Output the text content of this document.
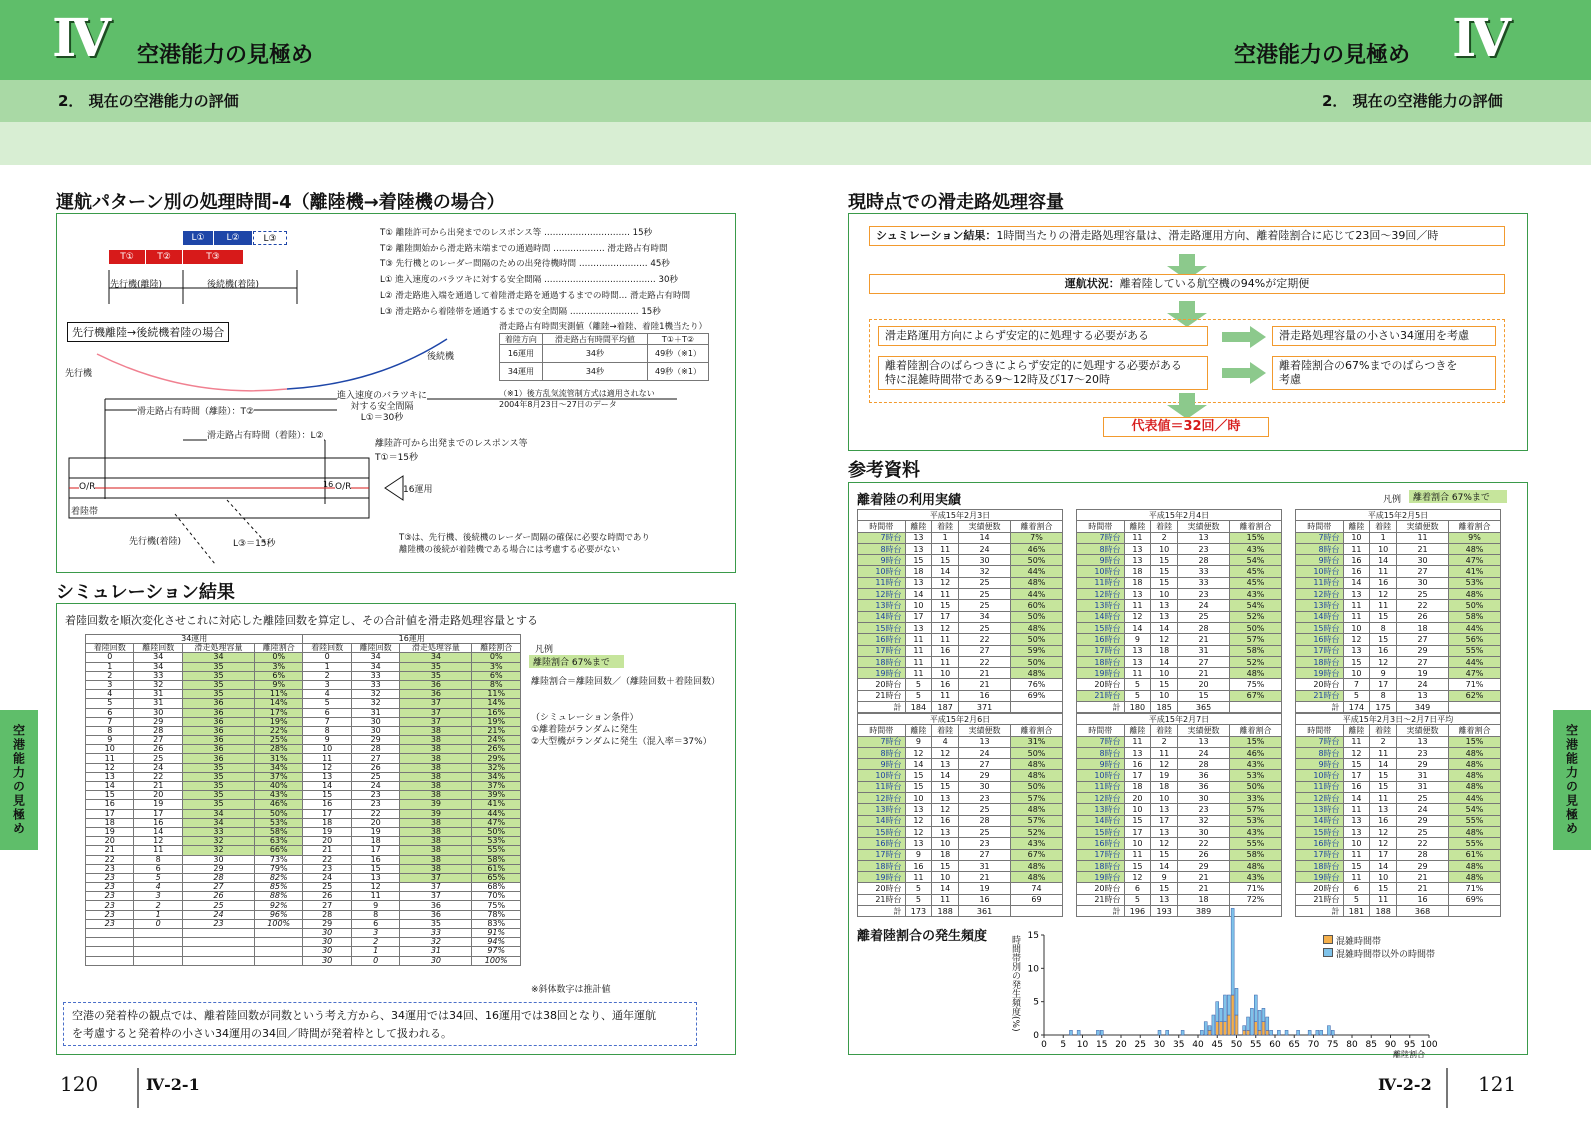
Ⅳ 空港能力の見極め	空港能力の見極め Ⅳ
2． 現在の空港能力の評価	2． 現在の空港能力の評価
空港能力の見極め	空港能力の見極め
運航パターン別の処理時間-4（離陸機→着陸機の場合）
L①	L②	L③
T①	T②	T③
T① 離陸許可から出発までのレスポンス等 ………………………… 15秒
T② 離陸開始から滑走路末端までの通過時間 ……………… 滑走路占有時間
T③ 先行機とのレーダー間隔のための出発待機時間 …………………… 45秒
L① 進入速度のバラツキに対する安全間隔 ………………………………… 30秒
L② 滑走路進入端を通過して着陸滑走路を通過するまでの時間… 滑走路占有時間
L③ 滑走路から着陸帯を通過するまでの安全間隔 …………………… 15秒
先行機(離陸)	後続機(着陸)
先行機離陸→後続機着陸の場合
先行機
後続機
滑走路占有時間（離陸）：T②
滑走路占有時間（着陸）：L②
進入速度のバラツキに
対する安全間隔
L①＝30秒
離陸許可から出発までのレスポンス等
T①＝15秒
O/R	O/R
16
16運用
着陸帯
先行機(着陸)	L③＝15秒
T③は、先行機、後続機のレーダー間隔の確保に必要な時間であり
離陸機の後続が着陸機である場合には考慮する必要がない
滑走路占有時間実測値（離陸→着陸、着陸1機当たり）
着陸方向	滑走路占有時間平均値	T①＋T②
16運用	34秒	49秒（※1）
34運用	34秒	49秒（※1）
（※1）後方乱気流管制方式は適用されない
2004年8月23日～27日のデータ
シミュレーション結果
着陸回数を順次変化させこれに対応した離陸回数を算定し、その合計値を滑走路処理容量とする
34運用				16運用			
着陸回数	離陸回数	滑走処理容量	離陸割合	着陸回数	離陸回数	滑走処理容量	離陸割合
0	34	34	0%	0	34	34	0%
1	34	35	3%	1	34	35	3%
2	33	35	6%	2	33	35	6%
3	32	35	9%	3	33	36	8%
4	31	35	11%	4	32	36	11%
5	31	36	14%	5	32	37	14%
6	30	36	17%	6	31	37	16%
7	29	36	19%	7	30	37	19%
8	28	36	22%	8	30	38	21%
9	27	36	25%	9	29	38	24%
10	26	36	28%	10	28	38	26%
11	25	36	31%	11	27	38	29%
12	24	35	34%	12	26	38	32%
13	22	35	37%	13	25	38	34%
14	21	35	40%	14	24	38	37%
15	20	35	43%	15	23	38	39%
16	19	35	46%	16	23	39	41%
17	17	34	50%	17	22	39	44%
18	16	34	53%	18	20	38	47%
19	14	33	58%	19	19	38	50%
20	12	32	63%	20	18	38	53%
21	11	32	66%	21	17	38	55%
22	8	30	73%	22	16	38	58%
23	6	29	79%	23	15	38	61%
23	5	28	82%	24	13	37	65%
23	4	27	85%	25	12	37	68%
23	3	26	88%	26	11	37	70%
23	2	25	92%	27	9	36	75%
23	1	24	96%	28	8	36	78%
23	0	23	100%	29	6	35	83%
				30	3	33	91%
				30	2	32	94%
				30	1	31	97%
				30	0	30	100%
凡例
離陸割合 67%まで
離陸割合＝離陸回数／（離陸回数＋着陸回数）
（シミュレーション条件）
①離着陸がランダムに発生
②大型機がランダムに発生（混入率＝37%）
※斜体数字は推計値
空港の発着枠の観点では、離着陸回数が同数という考え方から、34運用では34回、16運用では38回となり、通年運航
を考慮すると発着枠の小さい34運用の34回／時間が発着枠として扱われる。
現時点での滑走路処理容量
シュミレーション結果：1時間当たりの滑走路処理容量は、滑走路運用方向、離着陸割合に応じて23回～39回／時
運航状況：離着陸している航空機の94%が定期便
滑走路運用方向によらず安定的に処理する必要がある
離着陸割合のばらつきによらず安定的に処理する必要がある
特に混雑時間帯である9～12時及び17～20時
滑走路処理容量の小さい34運用を考慮
離着陸割合の67%までのばらつきを
考慮
代表値＝32回／時
参考資料
離着陸の利用実績	凡例	離着割合 67%まで
平成15年2月3日				
時間帯	離陸	着陸	実績便数	離着割合
7時台	13	1	14	7%
8時台	13	11	24	46%
9時台	15	15	30	50%
10時台	18	14	32	44%
11時台	13	12	25	48%
12時台	14	11	25	44%
13時台	10	15	25	60%
14時台	17	17	34	50%
15時台	13	12	25	48%
16時台	11	11	22	50%
17時台	11	16	27	59%
18時台	11	11	22	50%
19時台	11	10	21	48%
20時台	5	16	21	76%
21時台	5	11	16	69%
計	184	187	371	
平成15年2月4日				
時間帯	離陸	着陸	実績便数	離着割合
7時台	11	2	13	15%
8時台	13	10	23	43%
9時台	13	15	28	54%
10時台	18	15	33	45%
11時台	18	15	33	45%
12時台	13	10	23	43%
13時台	11	13	24	54%
14時台	12	13	25	52%
15時台	14	14	28	50%
16時台	9	12	21	57%
17時台	13	18	31	58%
18時台	13	14	27	52%
19時台	11	10	21	48%
20時台	5	15	20	75%
21時台	5	10	15	67%
計	180	185	365	
平成15年2月5日				
時間帯	離陸	着陸	実績便数	離着割合
7時台	10	1	11	9%
8時台	11	10	21	48%
9時台	16	14	30	47%
10時台	16	11	27	41%
11時台	14	16	30	53%
12時台	13	12	25	48%
13時台	11	11	22	50%
14時台	11	15	26	58%
15時台	10	8	18	44%
16時台	12	15	27	56%
17時台	13	16	29	55%
18時台	15	12	27	44%
19時台	10	9	19	47%
20時台	7	17	24	71%
21時台	5	8	13	62%
計	174	175	349	
平成15年2月6日				
時間帯	離陸	着陸	実績便数	離着割合
7時台	9	4	13	31%
8時台	12	12	24	50%
9時台	14	13	27	48%
10時台	15	14	29	48%
11時台	15	15	30	50%
12時台	10	13	23	57%
13時台	13	12	25	48%
14時台	12	16	28	57%
15時台	12	13	25	52%
16時台	13	10	23	43%
17時台	9	18	27	67%
18時台	16	15	31	48%
19時台	11	10	21	48%
20時台	5	14	19	74
21時台	5	11	16	69
計	173	188	361	
平成15年2月7日				
時間帯	離陸	着陸	実績便数	離着割合
7時台	11	2	13	15%
8時台	13	11	24	46%
9時台	16	12	28	43%
10時台	17	19	36	53%
11時台	18	18	36	50%
12時台	20	10	30	33%
13時台	10	13	23	57%
14時台	15	17	32	53%
15時台	17	13	30	43%
16時台	10	12	22	55%
17時台	11	15	26	58%
18時台	15	14	29	48%
19時台	12	9	21	43%
20時台	6	15	21	71%
21時台	5	13	18	72%
計	196	193	389	
平成15年2月3日～2月7日平均				
時間帯	離陸	着陸	実績便数	離着割合
7時台	11	2	13	15%
8時台	12	11	23	48%
9時台	15	14	29	48%
10時台	17	15	31	48%
11時台	16	15	31	48%
12時台	14	11	25	44%
13時台	11	13	24	54%
14時台	13	16	29	55%
15時台	13	12	25	48%
16時台	10	12	22	55%
17時台	11	17	28	61%
18時台	15	14	29	48%
19時台	11	10	21	48%
20時台	6	15	21	71%
21時台	5	11	16	69%
計	181	188	368	
離着陸割合の発生頻度	時間帯別の発生頻度(%)
0
5
10
15
0 5 10 15 20 25 30 35 40 45 50 55 60 65 70 75 80 85 90 95 100
離陸割合
混雑時間帯
混雑時間帯以外の時間帯
120	Ⅳ-2-1	Ⅳ-2-2 121
